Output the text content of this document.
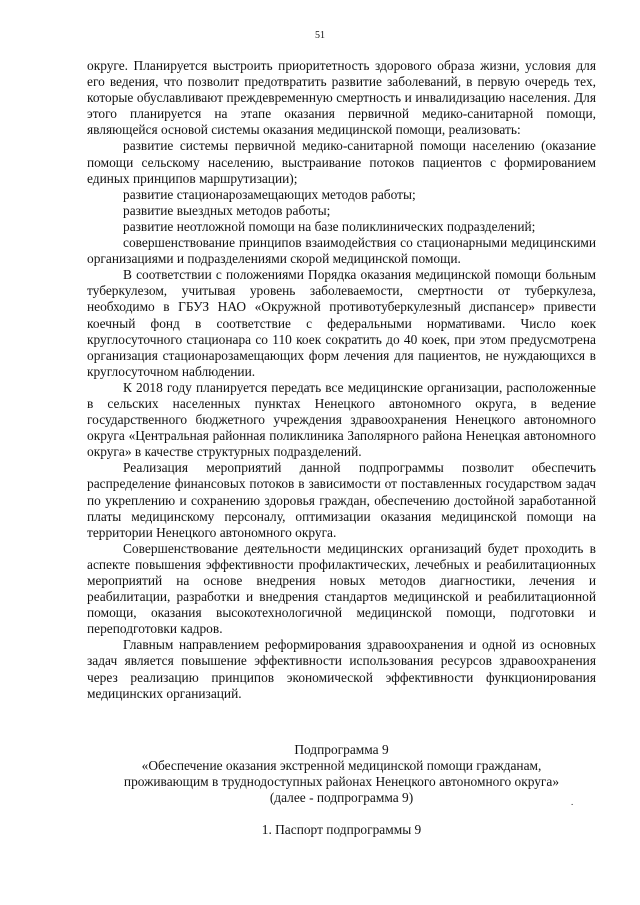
51

округе. Планируется выстроить приоритетность здорового образа жизни, условия для его ведения, что позволит предотвратить развитие заболеваний, в первую очередь тех, которые обуславливают преждевременную смертность и инвалидизацию населения. Для этого планируется на этапе оказания первичной медико-санитарной помощи, являющейся основой системы оказания медицинской помощи, реализовать:

развитие системы первичной медико-санитарной помощи населению (оказание помощи сельскому населению, выстраивание потоков пациентов с формированием единых принципов маршрутизации);

развитие стационарозамещающих методов работы;

развитие выездных методов работы;

развитие неотложной помощи на базе поликлинических подразделений;

совершенствование принципов взаимодействия со стационарными медицинскими организациями и подразделениями скорой медицинской помощи.

В соответствии с положениями Порядка оказания медицинской помощи больным туберкулезом, учитывая уровень заболеваемости, смертности от туберкулеза, необходимо в ГБУЗ НАО «Окружной противотуберкулезный диспансер» привести коечный фонд в соответствие с федеральными нормативами. Число коек круглосуточного стационара со 110 коек сократить до 40 коек, при этом предусмотрена организация стационарозамещающих форм лечения для пациентов, не нуждающихся в круглосуточном наблюдении.

К 2018 году планируется передать все медицинские организации, расположенные в сельских населенных пунктах Ненецкого автономного округа, в ведение государственного бюджетного учреждения здравоохранения Ненецкого автономного округа «Центральная районная поликлиника Заполярного района Ненецкая автономного округа» в качестве структурных подразделений.

Реализация мероприятий данной подпрограммы позволит обеспечить распределение финансовых потоков в зависимости от поставленных государством задач по укреплению и сохранению здоровья граждан, обеспечению достойной заработанной платы медицинскому персоналу, оптимизации оказания медицинской помощи на территории Ненецкого автономного округа.

Совершенствование деятельности медицинских организаций будет проходить в аспекте повышения эффективности профилактических, лечебных и реабилитационных мероприятий на основе внедрения новых методов диагностики, лечения и реабилитации, разработки и внедрения стандартов медицинской и реабилитационной помощи, оказания высокотехнологичной медицинской помощи, подготовки и переподготовки кадров.

Главным направлением реформирования здравоохранения и одной из основных задач является повышение эффективности использования ресурсов здравоохранения через реализацию принципов экономической эффективности функционирования медицинских организаций.

Подпрограмма 9
«Обеспечение оказания экстренной медицинской помощи гражданам,
проживающим в труднодоступных районах Ненецкого автономного округа»
(далее - подпрограмма 9)
1. Паспорт подпрограммы 9
.
